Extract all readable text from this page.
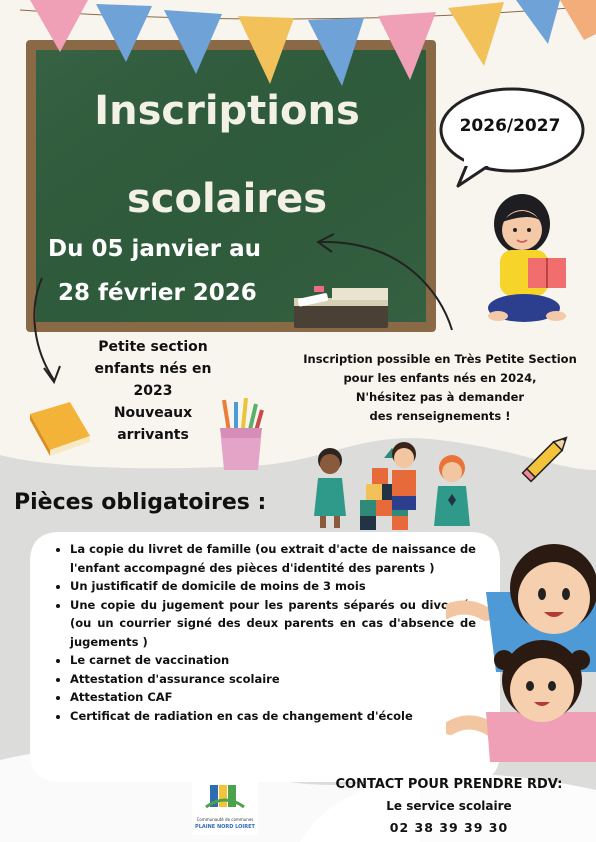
Inscriptions
scolaires
Du 05 janvier au
28 février 2026
2026/2027
Petite section
enfants nés en
2023
Nouveaux
arrivants
Inscription possible en Très Petite Section
pour les enfants nés en 2024,
N'hésitez pas à demander
des renseignements !
Pièces obligatoires :
• La copie du livret de famille (ou extrait d'acte de naissance de l'enfant accompagné des pièces d'identité des parents )
• Un justificatif de domicile de moins de 3 mois
• Une copie du jugement pour les parents séparés ou divorcés (ou un courrier signé des deux parents en cas d'absence de jugements )
• Le carnet de vaccination
• Attestation d'assurance scolaire
• Attestation CAF
• Certificat de radiation en cas de changement d'école
Communauté de communes
PLAINE NORD LOIRET
CONTACT POUR PRENDRE RDV:
Le service scolaire
02 38 39 39 30
